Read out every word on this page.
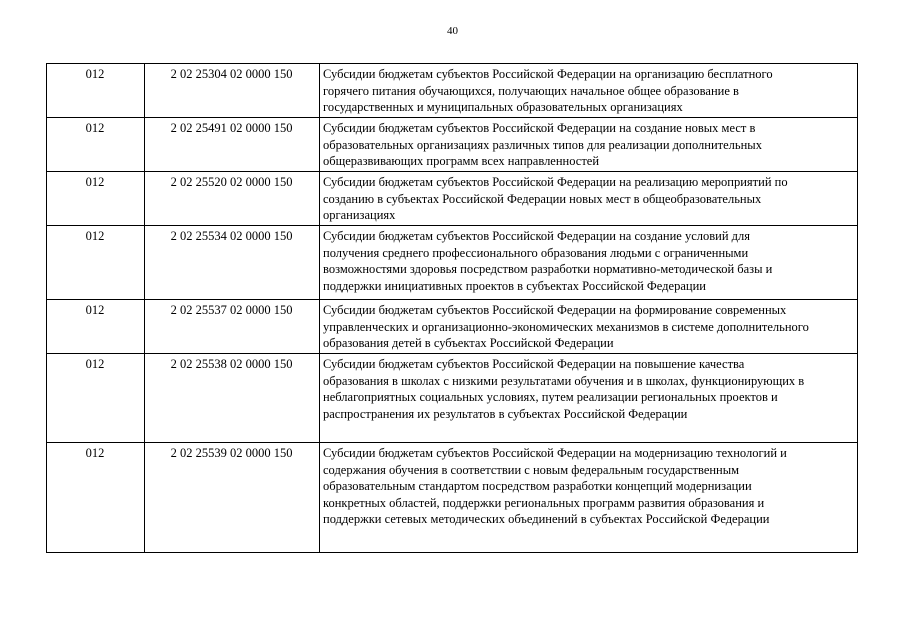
40
012	2 02 25304 02 0000 150	Субсидии бюджетам субъектов Российской Федерации на организацию бесплатного
горячего питания обучающихся, получающих начальное общее образование в
государственных и муниципальных образовательных организациях

012	2 02 25491 02 0000 150	Субсидии бюджетам субъектов Российской Федерации на создание новых мест в
образовательных организациях различных типов для реализации дополнительных
общеразвивающих программ всех направленностей

012	2 02 25520 02 0000 150	Субсидии бюджетам субъектов Российской Федерации на реализацию мероприятий по
созданию в субъектах Российской Федерации новых мест в общеобразовательных
организациях

012	2 02 25534 02 0000 150	Субсидии бюджетам субъектов Российской Федерации на создание условий для
получения среднего профессионального образования людьми с ограниченными
возможностями здоровья посредством разработки нормативно-методической базы и
поддержки инициативных проектов в субъектах Российской Федерации

012	2 02 25537 02 0000 150	Субсидии бюджетам субъектов Российской Федерации на формирование современных
управленческих и организационно-экономических механизмов в системе дополнительного
образования детей в субъектах Российской Федерации

012	2 02 25538 02 0000 150	Субсидии бюджетам субъектов Российской Федерации на повышение качества
образования в школах с низкими результатами обучения и в школах, функционирующих в
неблагоприятных социальных условиях, путем реализации региональных проектов и
распространения их результатов в субъектах Российской Федерации

012	2 02 25539 02 0000 150	Субсидии бюджетам субъектов Российской Федерации на модернизацию технологий и
содержания обучения в соответствии с новым федеральным государственным
образовательным стандартом посредством разработки концепций модернизации
конкретных областей, поддержки региональных программ развития образования и
поддержки сетевых методических объединений в субъектах Российской Федерации
